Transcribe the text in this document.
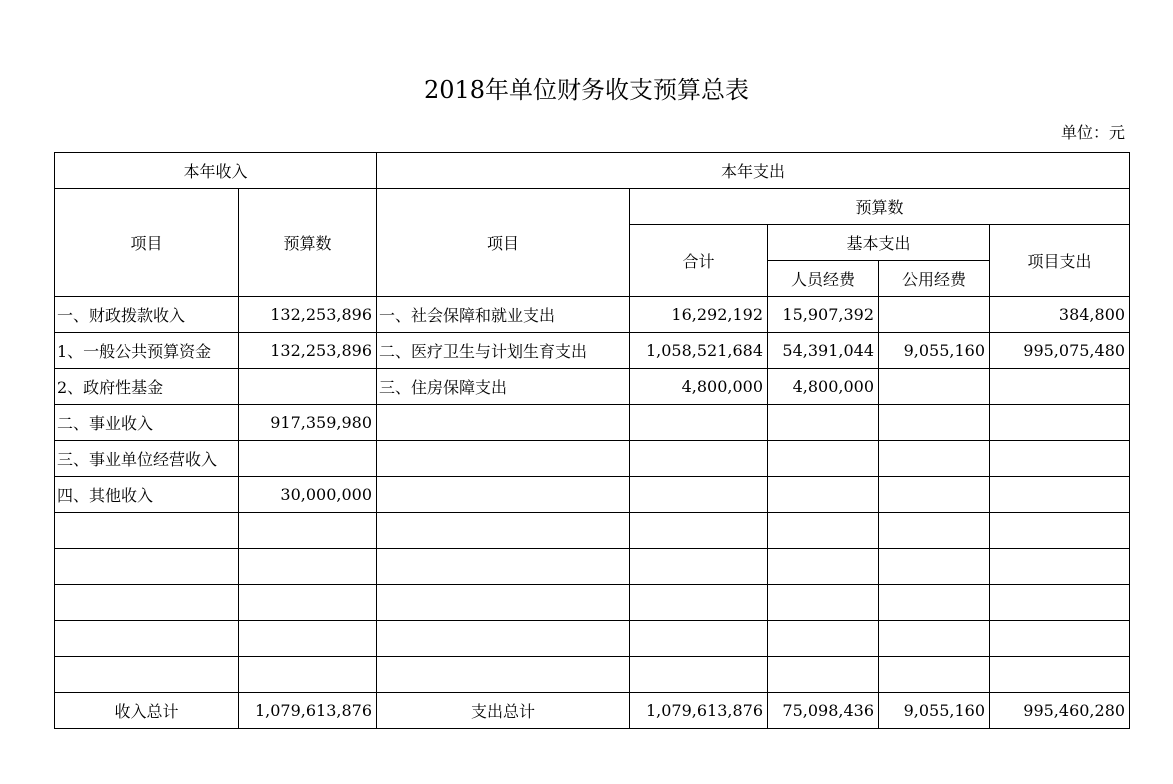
2018年单位财务收支预算总表
单位：元
本年收入		本年支出				
项目	预算数	项目	预算数			
			合计	基本支出		项目支出
				人员经费	公用经费	
一、财政拨款收入	132,253,896	一、社会保障和就业支出	16,292,192	15,907,392		384,800
1、一般公共预算资金	132,253,896	二、医疗卫生与计划生育支出	1,058,521,684	54,391,044	9,055,160	995,075,480
2、政府性基金		三、住房保障支出	4,800,000	4,800,000		
二、事业收入	917,359,980					
三、事业单位经营收入						
四、其他收入	30,000,000					

收入总计	1,079,613,876	支出总计	1,079,613,876	75,098,436	9,055,160	995,460,280
